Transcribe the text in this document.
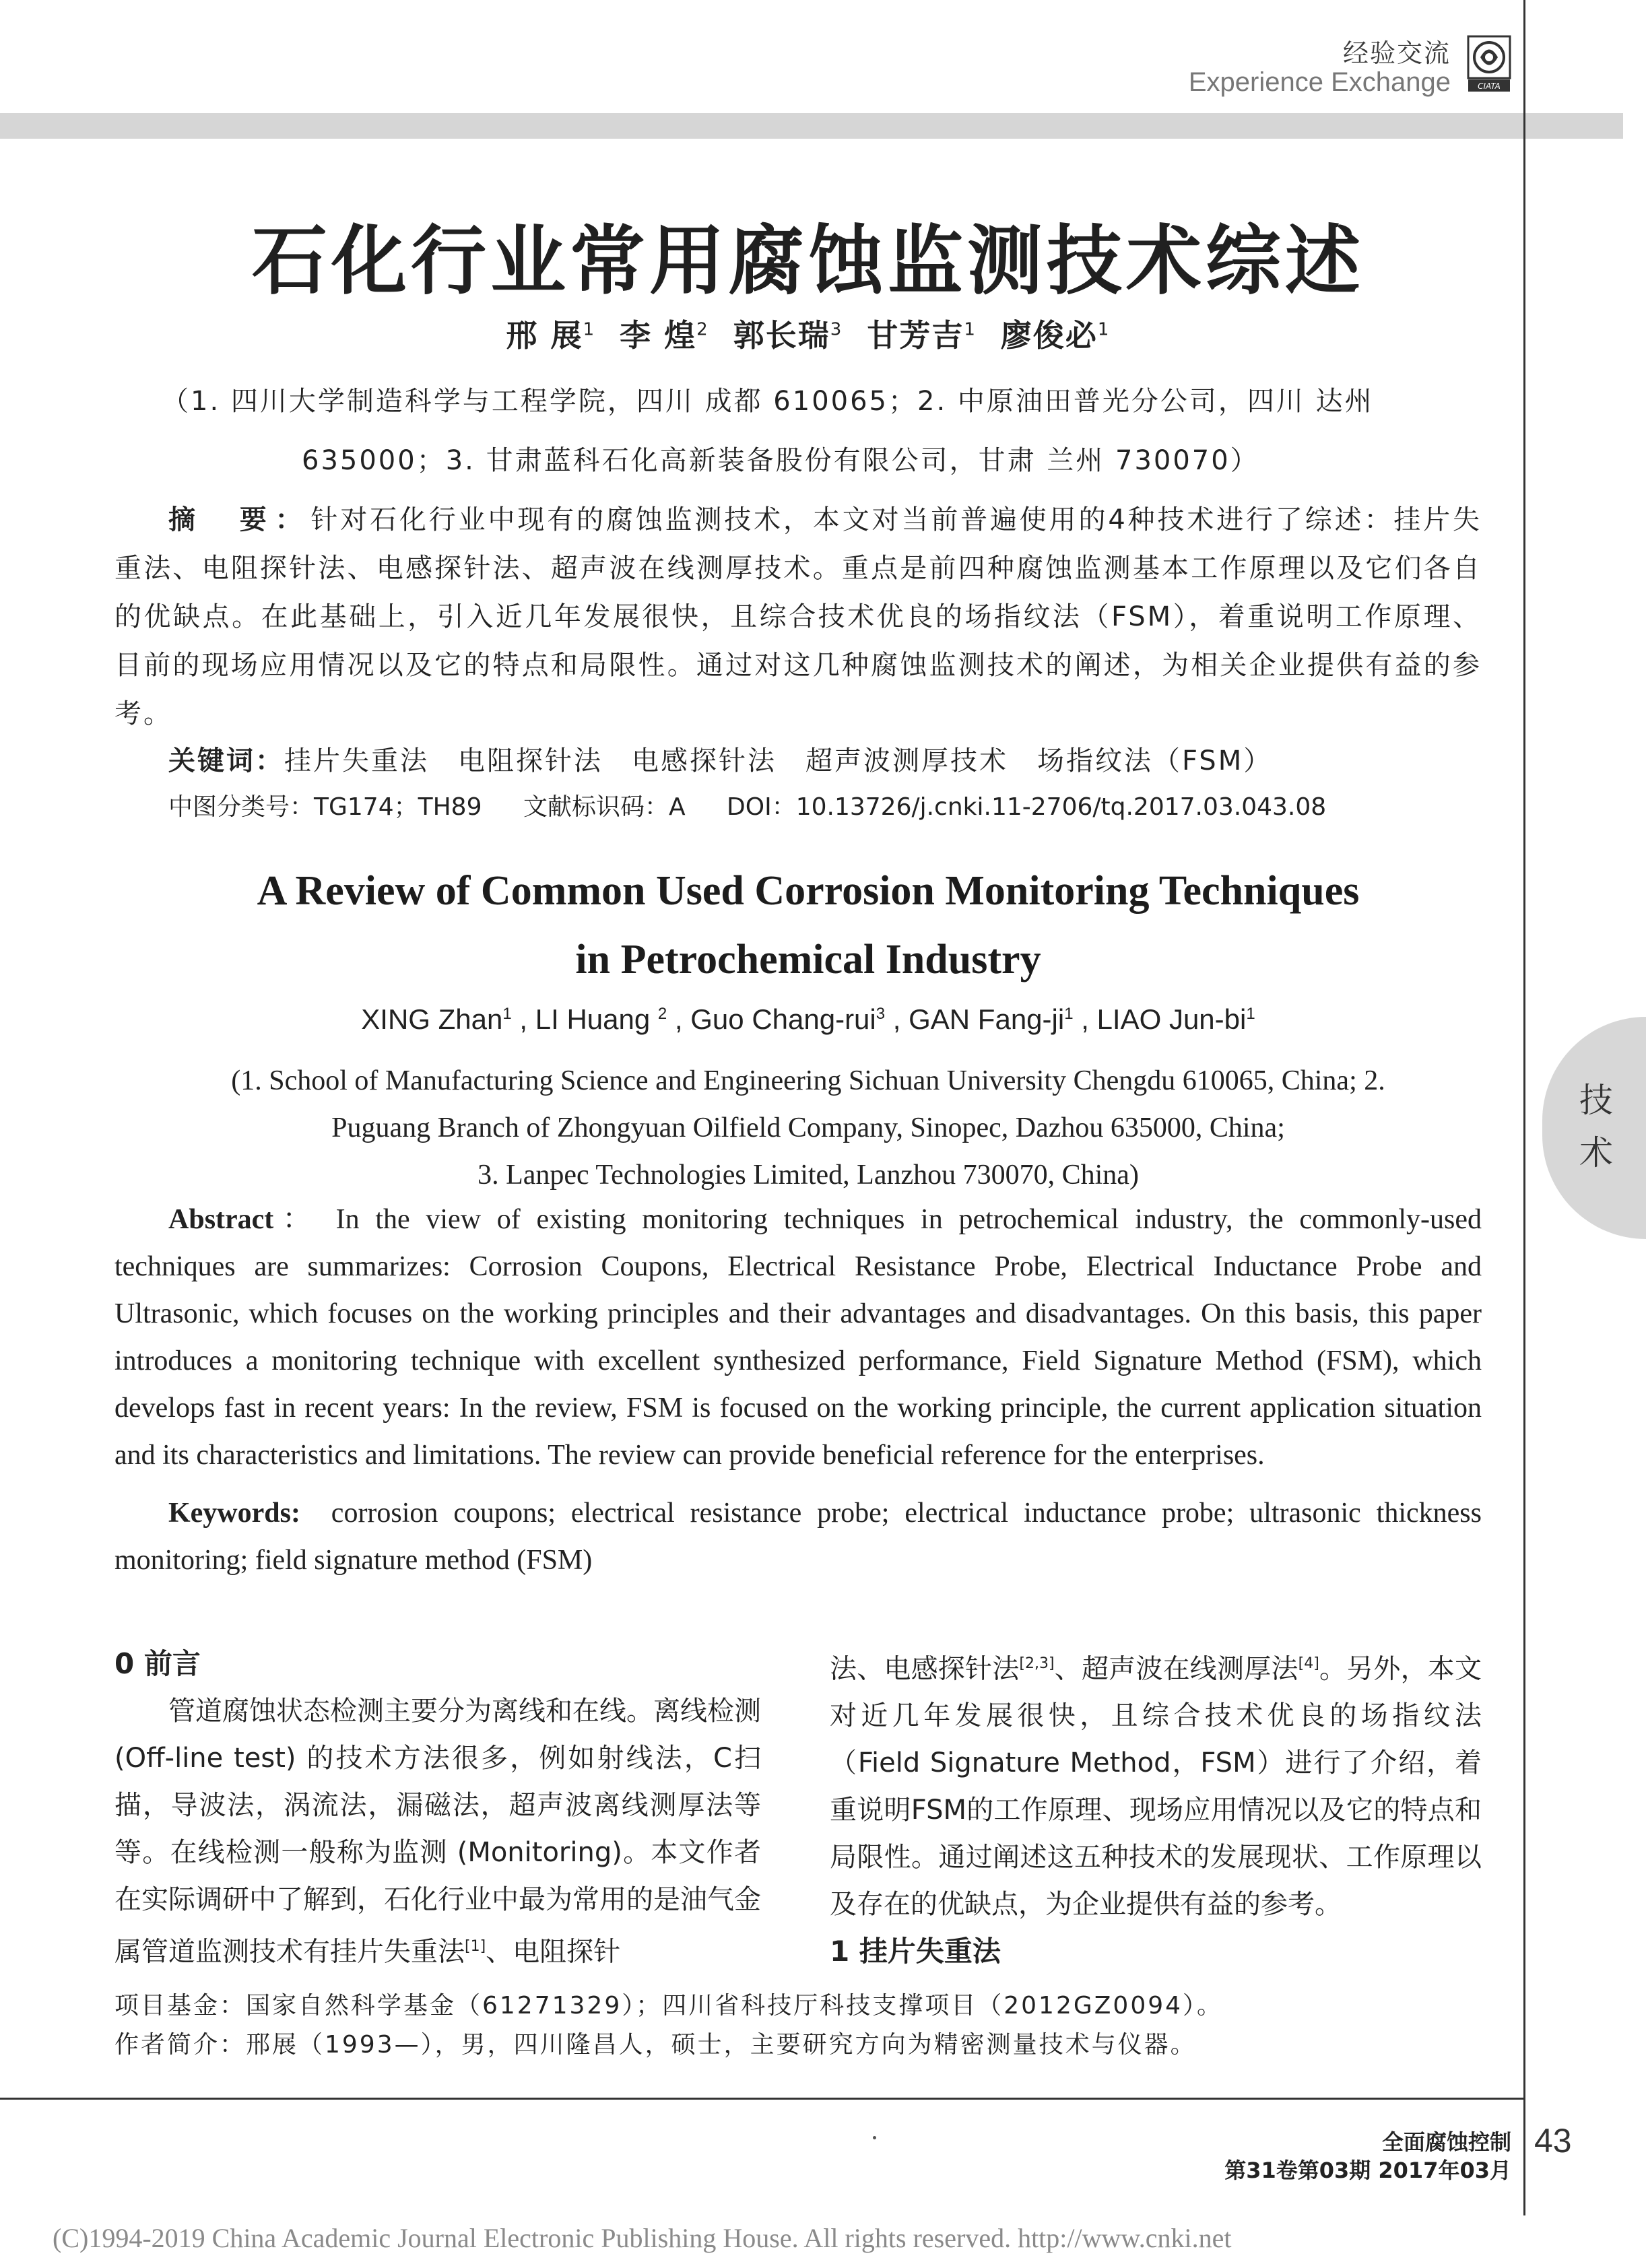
经验交流
Experience Exchange	CIATA
技术
石化行业常用腐蚀监测技术综述
邢 展$^1$ 李 煌$^2$ 郭长瑞$^3$ 甘芳吉$^1$ 廖俊必$^1$
（1. 四川大学制造科学与工程学院，四川 成都 610065；2. 中原油田普光分公司，四川 达州
635000；3. 甘肃蓝科石化高新装备股份有限公司，甘肃 兰州 730070）

摘　要：针对石化行业中现有的腐蚀监测技术，本文对当前普遍使用的4种技术进行了综述：挂片失重法、电阻探针法、电感探针法、超声波在线测厚技术。重点是前四种腐蚀监测基本工作原理以及它们各自的优缺点。在此基础上，引入近几年发展很快，且综合技术优良的场指纹法（FSM），着重说明工作原理、目前的现场应用情况以及它的特点和局限性。通过对这几种腐蚀监测技术的阐述，为相关企业提供有益的参考。

关键词：挂片失重法　电阻探针法　电感探针法　超声波测厚技术　场指纹法（FSM）
中图分类号：TG174；TH89 文献标识码：A DOI：10.13726/j.cnki.11-2706/tq.2017.03.043.08
A Review of Common Used Corrosion Monitoring Techniques
in Petrochemical Industry
XING Zhan$^1$ , LI Huang $^2$ , Guo Chang-rui$^3$ , GAN Fang-$ji^1$ , LIAO Jun-$bi^1$
(1. School of Manufacturing Science and Engineering Sichuan University Chengdu 610065, China; 2.
Puguang Branch of Zhongyuan Oilfield Company, Sinopec, Dazhou 635000, China;
3. Lanpec Technologies Limited, Lanzhou 730070, China)

Abstract： In the view of existing monitoring techniques in petrochemical industry, the commonly-used techniques are summarizes: Corrosion Coupons, Electrical Resistance Probe, Electrical Inductance Probe and Ultrasonic, which focuses on the working principles and their advantages and disadvantages. On this basis, this paper introduces a monitoring technique with excellent synthesized performance, Field Signature Method (FSM), which develops fast in recent years: In the review, FSM is focused on the working principle, the current application situation and its characteristics and limitations. The review can provide beneficial reference for the enterprises.

Keywords: corrosion coupons; electrical resistance probe; electrical inductance probe; ultrasonic thickness monitoring; field signature method (FSM)

0 前言

管道腐蚀状态检测主要分为离线和在线。离线检测 (Off-line test) 的技术方法很多，例如射线法，C扫描，导波法，涡流法，漏磁法，超声波离线测厚法等等。在线检测一般称为监测 (Monitoring)。本文作者在实际调研中了解到，石化行业中最为常用的是油气金属管道监测技术有挂片失重法[1]、电阻探针

法、电感探针法[2,3]、超声波在线测厚法[4]。另外，本文对近几年发展很快，且综合技术优良的场指纹法（Field Signature Method，FSM）进行了介绍，着重说明FSM的工作原理、现场应用情况以及它的特点和局限性。通过阐述这五种技术的发展现状、工作原理以及存在的优缺点，为企业提供有益的参考。

1 挂片失重法

项目基金：国家自然科学基金（61271329）；四川省科技厅科技支撑项目（2012GZ0094）。

作者简介：邢展（1993—），男，四川隆昌人，硕士，主要研究方向为精密测量技术与仪器。

全面腐蚀控制
第31卷第03期 2017年03月
43
(C)1994-2019 China Academic Journal Electronic Publishing House. All rights reserved. http://www.cnki.net
